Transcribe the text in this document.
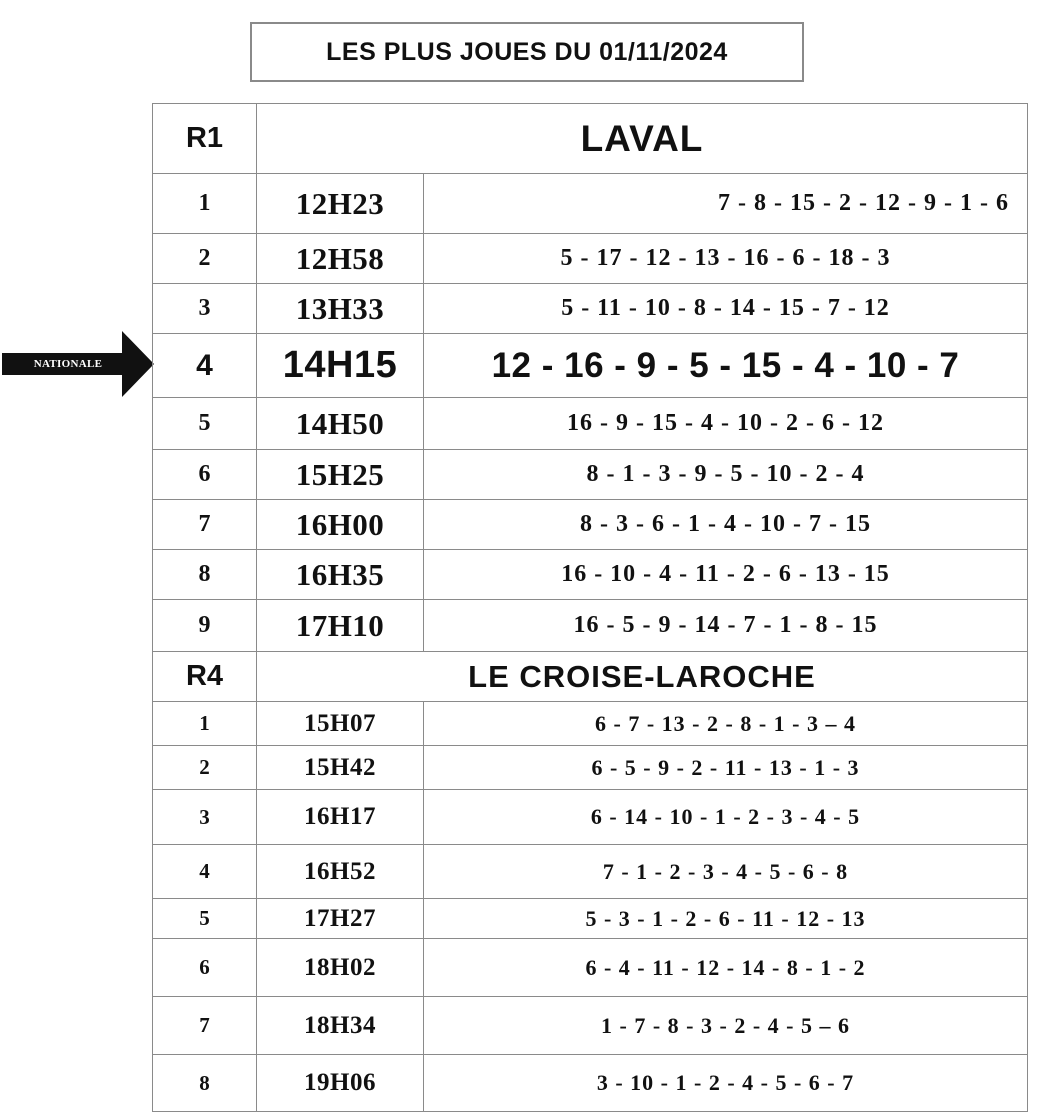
LES PLUS JOUES DU 01/11/2024
NATIONALE
R1	LAVAL	
1	12H23	7 - 8 - 15 - 2 - 12 - 9 - 1 - 6
2	12H58	5 - 17 - 12 - 13 - 16 - 6 - 18 - 3
3	13H33	5 - 11 - 10 - 8 - 14 - 15 - 7 - 12
4	14H15	12 - 16 - 9 - 5 - 15 - 4 - 10 - 7
5	14H50	16 - 9 - 15 - 4 - 10 - 2 - 6 - 12
6	15H25	8 - 1 - 3 - 9 - 5 - 10 - 2 - 4
7	16H00	8 - 3 - 6 - 1 - 4 - 10 - 7 - 15
8	16H35	16 - 10 - 4 - 11 - 2 - 6 - 13 - 15
9	17H10	16 - 5 - 9 - 14 - 7 - 1 - 8 - 15
R4	LE CROISE-LAROCHE	
1	15H07	6 - 7 - 13 - 2 - 8 - 1 - 3 – 4
2	15H42	6 - 5 - 9 - 2 - 11 - 13 - 1 - 3
3	16H17	6 - 14 - 10 - 1 - 2 - 3 - 4 - 5
4	16H52	7 - 1 - 2 - 3 - 4 - 5 - 6 - 8
5	17H27	5 - 3 - 1 - 2 - 6 - 11 - 12 - 13
6	18H02	6 - 4 - 11 - 12 - 14 - 8 - 1 - 2
7	18H34	1 - 7 - 8 - 3 - 2 - 4 - 5 – 6
8	19H06	3 - 10 - 1 - 2 - 4 - 5 - 6 - 7
